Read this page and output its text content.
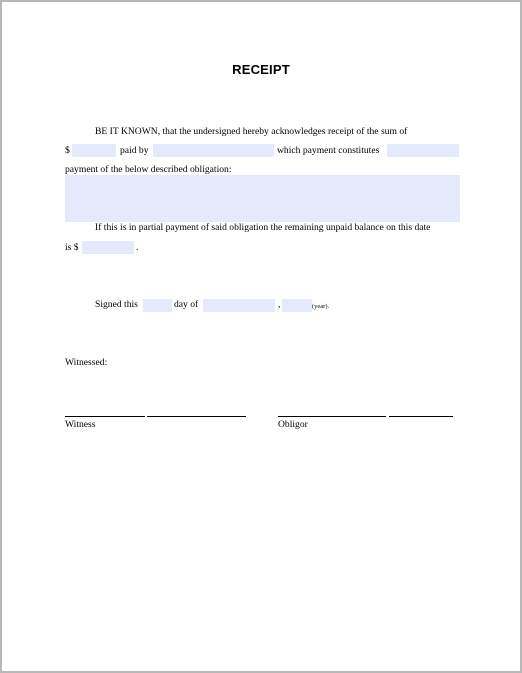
RECEIPT
BE IT KNOWN, that the undersigned hereby acknowledges receipt of the sum of
$	paid by	which payment constitutes
payment of the below described obligation:
If this is in partial payment of said obligation the remaining unpaid balance on this date
is $	.
Signed this	day of	,	(year).
Witnessed:
Witness	Obligor
